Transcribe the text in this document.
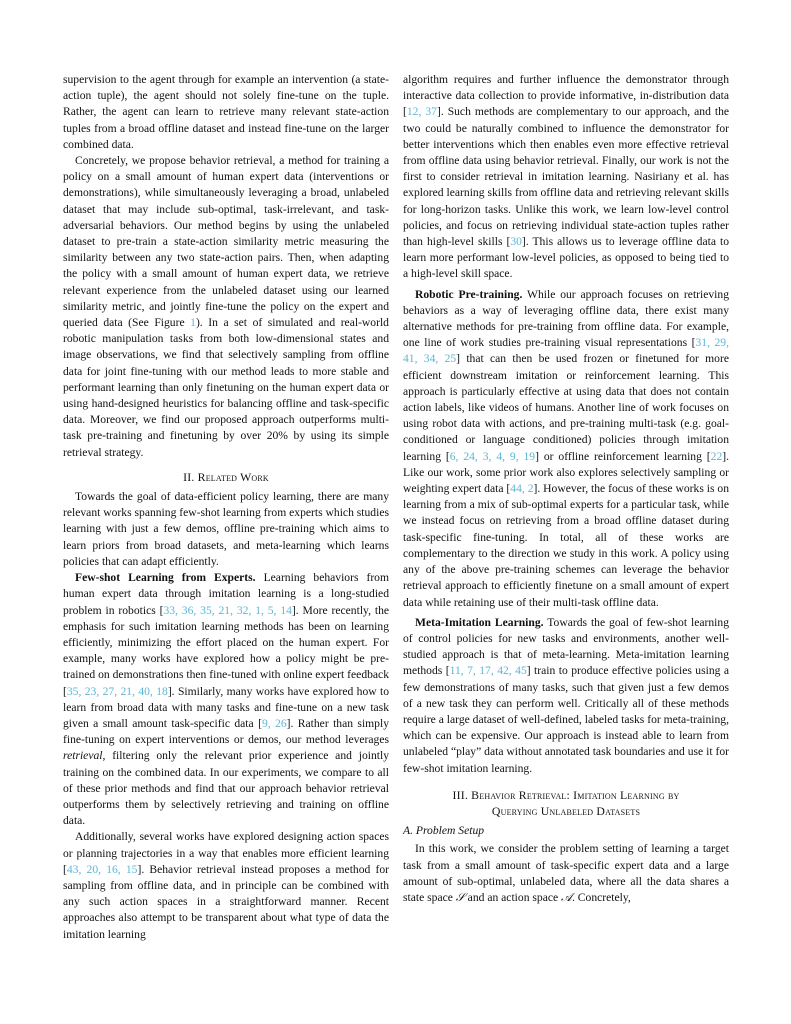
supervision to the agent through for example an intervention (a state-action tuple), the agent should not solely fine-tune on the tuple. Rather, the agent can learn to retrieve many relevant state-action tuples from a broad offline dataset and instead fine-tune on the larger combined data.

Concretely, we propose behavior retrieval, a method for training a policy on a small amount of human expert data (interventions or demonstrations), while simultaneously leveraging a broad, unlabeled dataset that may include sub-optimal, task-irrelevant, and task-adversarial behaviors. Our method begins by using the unlabeled dataset to pre-train a state-action similarity metric measuring the similarity between any two state-action pairs. Then, when adapting the policy with a small amount of human expert data, we retrieve relevant experience from the unlabeled dataset using our learned similarity metric, and jointly fine-tune the policy on the expert and queried data (See Figure 1). In a set of simulated and real-world robotic manipulation tasks from both low-dimensional states and image observations, we find that selectively sampling from offline data for joint fine-tuning with our method leads to more stable and performant learning than only finetuning on the human expert data or using hand-designed heuristics for balancing offline and task-specific data. Moreover, we find our proposed approach outperforms multi-task pre-training and finetuning by over 20% by using its simple retrieval strategy.

II. Related Work

Towards the goal of data-efficient policy learning, there are many relevant works spanning few-shot learning from experts which studies learning with just a few demos, offline pre-training which aims to learn priors from broad datasets, and meta-learning which learns policies that can adapt efficiently.

Few-shot Learning from Experts. Learning behaviors from human expert data through imitation learning is a long-studied problem in robotics [33, 36, 35, 21, 32, 1, 5, 14]. More recently, the emphasis for such imitation learning methods has been on learning efficiently, minimizing the effort placed on the human expert. For example, many works have explored how a policy might be pre-trained on demonstrations then fine-tuned with online expert feedback [35, 23, 27, 21, 40, 18]. Similarly, many works have explored how to learn from broad data with many tasks and fine-tune on a new task given a small amount task-specific data [9, 26]. Rather than simply fine-tuning on expert interventions or demos, our method leverages retrieval, filtering only the relevant prior experience and jointly training on the combined data. In our experiments, we compare to all of these prior methods and find that our approach behavior retrieval outperforms them by selectively retrieving and training on offline data.

Additionally, several works have explored designing action spaces or planning trajectories in a way that enables more efficient learning [43, 20, 16, 15]. Behavior retrieval instead proposes a method for sampling from offline data, and in principle can be combined with any such action spaces in a straightforward manner. Recent approaches also attempt to be transparent about what type of data the imitation learning

algorithm requires and further influence the demonstrator through interactive data collection to provide informative, in-distribution data [12, 37]. Such methods are complementary to our approach, and the two could be naturally combined to influence the demonstrator for better interventions which then enables even more effective retrieval from offline data using behavior retrieval. Finally, our work is not the first to consider retrieval in imitation learning. Nasiriany et al. has explored learning skills from offline data and retrieving relevant skills for long-horizon tasks. Unlike this work, we learn low-level control policies, and focus on retrieving individual state-action tuples rather than high-level skills [30]. This allows us to leverage offline data to learn more performant low-level policies, as opposed to being tied to a high-level skill space.

Robotic Pre-training. While our approach focuses on retrieving behaviors as a way of leveraging offline data, there exist many alternative methods for pre-training from offline data. For example, one line of work studies pre-training visual representations [31, 29, 41, 34, 25] that can then be used frozen or finetuned for more efficient downstream imitation or reinforcement learning. This approach is particularly effective at using data that does not contain action labels, like videos of humans. Another line of work focuses on using robot data with actions, and pre-training multi-task (e.g. goal-conditioned or language conditioned) policies through imitation learning [6, 24, 3, 4, 9, 19] or offline reinforcement learning [22]. Like our work, some prior work also explores selectively sampling or weighting expert data [44, 2]. However, the focus of these works is on learning from a mix of sub-optimal experts for a particular task, while we instead focus on retrieving from a broad offline dataset during task-specific fine-tuning. In total, all of these works are complementary to the direction we study in this work. A policy using any of the above pre-training schemes can leverage the behavior retrieval approach to efficiently finetune on a small amount of expert data while retaining use of their multi-task offline data.

Meta-Imitation Learning. Towards the goal of few-shot learning of control policies for new tasks and environments, another well-studied approach is that of meta-learning. Meta-imitation learning methods [11, 7, 17, 42, 45] train to produce effective policies using a few demonstrations of many tasks, such that given just a few demos of a new task they can perform well. Critically all of these methods require a large dataset of well-defined, labeled tasks for meta-training, which can be expensive. Our approach is instead able to learn from unlabeled “play” data without annotated task boundaries and use it for few-shot imitation learning.

III. Behavior Retrieval: Imitation Learning by
Querying Unlabeled Datasets
A. Problem Setup

In this work, we consider the problem setting of learning a target task from a small amount of task-specific expert data and a large amount of sub-optimal, unlabeled data, where all the data shares a state space 𝒮 and an action space 𝒜. Concretely,
